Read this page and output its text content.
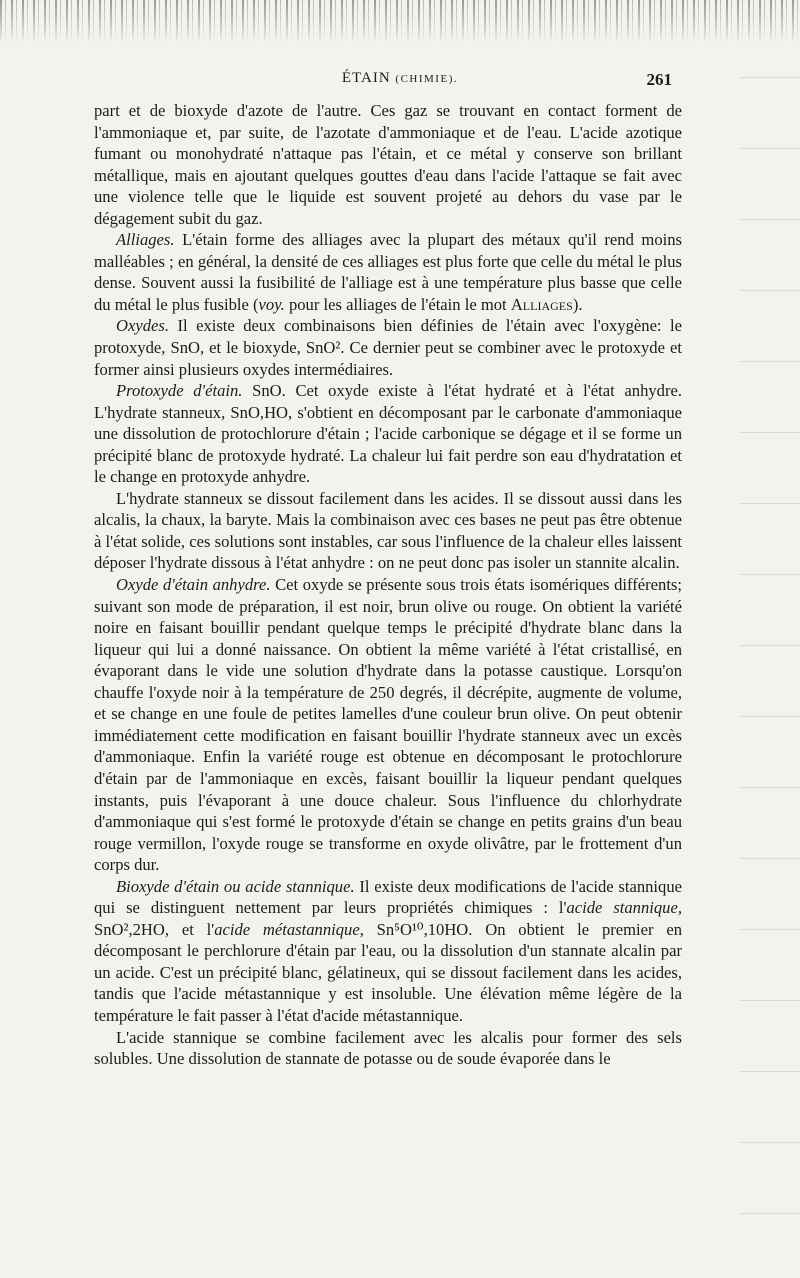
ÉTAIN (CHIMIE).	261

part et de bioxyde d'azote de l'autre. Ces gaz se trouvant en contact forment de l'ammoniaque et, par suite, de l'azotate d'ammoniaque et de l'eau. L'acide azotique fumant ou monohydraté n'attaque pas l'étain, et ce métal y conserve son brillant métallique, mais en ajoutant quelques gouttes d'eau dans l'acide l'attaque se fait avec une violence telle que le liquide est souvent projeté au dehors du vase par le dégagement subit du gaz.

Alliages. L'étain forme des alliages avec la plupart des métaux qu'il rend moins malléables ; en général, la densité de ces alliages est plus forte que celle du métal le plus dense. Souvent aussi la fusibilité de l'alliage est à une température plus basse que celle du métal le plus fusible (voy. pour les alliages de l'étain le mot Alliages).

Oxydes. Il existe deux combinaisons bien définies de l'étain avec l'oxygène: le protoxyde, SnO, et le bioxyde, SnO². Ce dernier peut se combiner avec le protoxyde et former ainsi plusieurs oxydes intermédiaires.

Protoxyde d'étain. SnO. Cet oxyde existe à l'état hydraté et à l'état anhydre. L'hydrate stanneux, SnO,HO, s'obtient en décomposant par le carbonate d'ammoniaque une dissolution de protochlorure d'étain ; l'acide carbonique se dégage et il se forme un précipité blanc de protoxyde hydraté. La chaleur lui fait perdre son eau d'hydratation et le change en protoxyde anhydre.

L'hydrate stanneux se dissout facilement dans les acides. Il se dissout aussi dans les alcalis, la chaux, la baryte. Mais la combinaison avec ces bases ne peut pas être obtenue à l'état solide, ces solutions sont instables, car sous l'influence de la chaleur elles laissent déposer l'hydrate dissous à l'état anhydre : on ne peut donc pas isoler un stannite alcalin.

Oxyde d'étain anhydre. Cet oxyde se présente sous trois états isomériques différents; suivant son mode de préparation, il est noir, brun olive ou rouge. On obtient la variété noire en faisant bouillir pendant quelque temps le précipité d'hydrate blanc dans la liqueur qui lui a donné naissance. On obtient la même variété à l'état cristallisé, en évaporant dans le vide une solution d'hydrate dans la potasse caustique. Lorsqu'on chauffe l'oxyde noir à la température de 250 degrés, il décrépite, augmente de volume, et se change en une foule de petites lamelles d'une couleur brun olive. On peut obtenir immédiatement cette modification en faisant bouillir l'hydrate stanneux avec un excès d'ammoniaque. Enfin la variété rouge est obtenue en décomposant le protochlorure d'étain par de l'ammoniaque en excès, faisant bouillir la liqueur pendant quelques instants, puis l'évaporant à une douce chaleur. Sous l'influence du chlorhydrate d'ammoniaque qui s'est formé le protoxyde d'étain se change en petits grains d'un beau rouge vermillon, l'oxyde rouge se transforme en oxyde olivâtre, par le frottement d'un corps dur.

Bioxyde d'étain ou acide stannique. Il existe deux modifications de l'acide stannique qui se distinguent nettement par leurs propriétés chimiques : l'acide stannique, SnO²,2HO, et l'acide métastannique, Sn⁵O¹⁰,10HO. On obtient le premier en décomposant le perchlorure d'étain par l'eau, ou la dissolution d'un stannate alcalin par un acide. C'est un précipité blanc, gélatineux, qui se dissout facilement dans les acides, tandis que l'acide métastannique y est insoluble. Une élévation même légère de la température le fait passer à l'état d'acide métastannique.

L'acide stannique se combine facilement avec les alcalis pour former des sels solubles. Une dissolution de stannate de potasse ou de soude évaporée dans le
